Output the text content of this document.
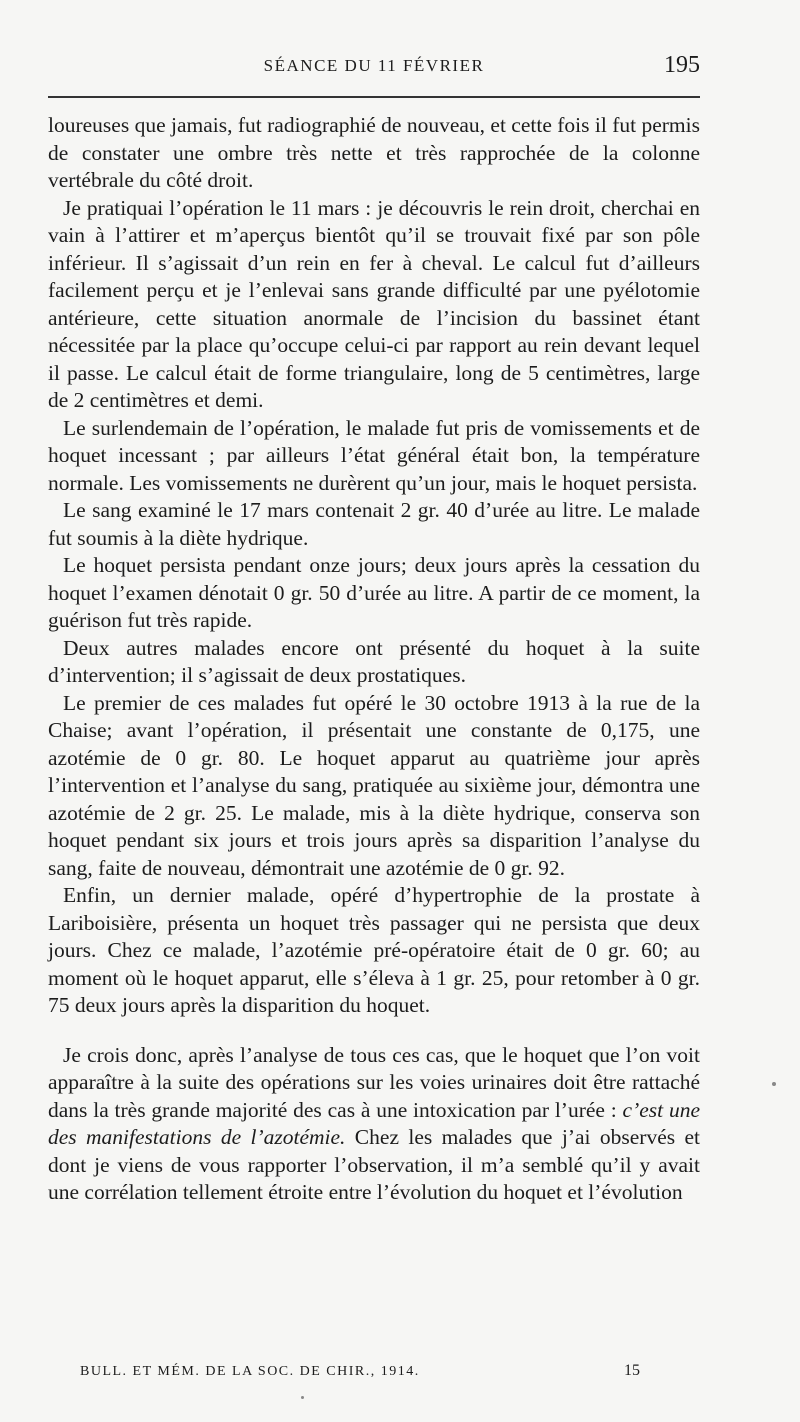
SÉANCE DU 11 FÉVRIER	195

loureuses que jamais, fut radiographié de nouveau, et cette fois il fut permis de constater une ombre très nette et très rapprochée de la colonne vertébrale du côté droit.

Je pratiquai l’opération le 11 mars : je découvris le rein droit, cherchai en vain à l’attirer et m’aperçus bientôt qu’il se trouvait fixé par son pôle inférieur. Il s’agissait d’un rein en fer à cheval. Le calcul fut d’ailleurs facilement perçu et je l’enlevai sans grande difficulté par une pyélotomie antérieure, cette situation anormale de l’incision du bassinet étant nécessitée par la place qu’occupe celui-ci par rapport au rein devant lequel il passe. Le calcul était de forme triangulaire, long de 5 centimètres, large de 2 centimètres et demi.

Le surlendemain de l’opération, le malade fut pris de vomissements et de hoquet incessant ; par ailleurs l’état général était bon, la température normale. Les vomissements ne durèrent qu’un jour, mais le hoquet persista.

Le sang examiné le 17 mars contenait 2 gr. 40 d’urée au litre. Le malade fut soumis à la diète hydrique.

Le hoquet persista pendant onze jours; deux jours après la cessation du hoquet l’examen dénotait 0 gr. 50 d’urée au litre. A partir de ce moment, la guérison fut très rapide.

Deux autres malades encore ont présenté du hoquet à la suite d’intervention; il s’agissait de deux prostatiques.

Le premier de ces malades fut opéré le 30 octobre 1913 à la rue de la Chaise; avant l’opération, il présentait une constante de 0,175, une azotémie de 0 gr. 80. Le hoquet apparut au quatrième jour après l’intervention et l’analyse du sang, pratiquée au sixième jour, démontra une azotémie de 2 gr. 25. Le malade, mis à la diète hydrique, conserva son hoquet pendant six jours et trois jours après sa disparition l’analyse du sang, faite de nouveau, démontrait une azotémie de 0 gr. 92.

Enfin, un dernier malade, opéré d’hypertrophie de la prostate à Lariboisière, présenta un hoquet très passager qui ne persista que deux jours. Chez ce malade, l’azotémie pré-opératoire était de 0 gr. 60; au moment où le hoquet apparut, elle s’éleva à 1 gr. 25, pour retomber à 0 gr. 75 deux jours après la disparition du hoquet.

Je crois donc, après l’analyse de tous ces cas, que le hoquet que l’on voit apparaître à la suite des opérations sur les voies urinaires doit être rattaché dans la très grande majorité des cas à une intoxication par l’urée : c’est une des manifestations de l’azotémie. Chez les malades que j’ai observés et dont je viens de vous rapporter l’observation, il m’a semblé qu’il y avait une corrélation tellement étroite entre l’évolution du hoquet et l’évolution

BULL. ET MÉM. DE LA SOC. DE CHIR., 1914.	15
